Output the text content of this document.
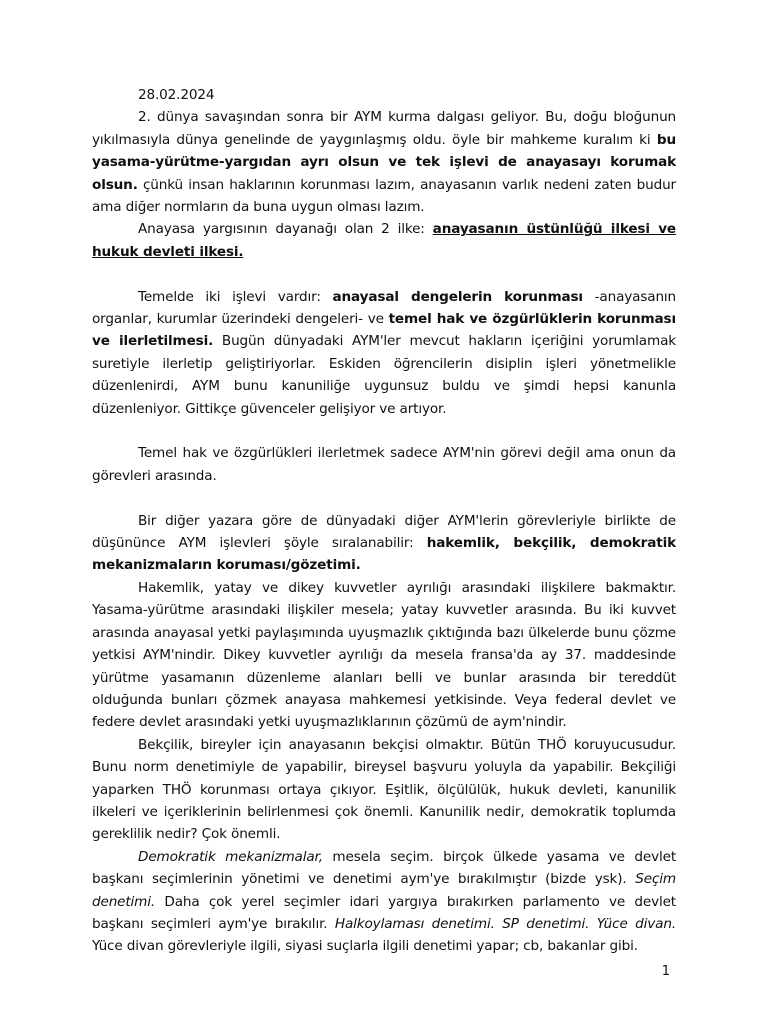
28.02.2024

2. dünya savaşından sonra bir AYM kurma dalgası geliyor. Bu, doğu bloğunun yıkılmasıyla dünya genelinde de yaygınlaşmış oldu. öyle bir mahkeme kuralım ki bu yasama-yürütme-yargıdan ayrı olsun ve tek işlevi de anayasayı korumak olsun. çünkü insan haklarının korunması lazım, anayasanın varlık nedeni zaten budur ama diğer normların da buna uygun olması lazım.

Anayasa yargısının dayanağı olan 2 ilke: anayasanın üstünlüğü ilkesi ve hukuk devleti ilkesi.

Temelde iki işlevi vardır: anayasal dengelerin korunması -anayasanın organlar, kurumlar üzerindeki dengeleri- ve temel hak ve özgürlüklerin korunması ve ilerletilmesi. Bugün dünyadaki AYM'ler mevcut hakların içeriğini yorumlamak suretiyle ilerletip geliştiriyorlar. Eskiden öğrencilerin disiplin işleri yönetmelikle düzenlenirdi, AYM bunu kanuniliğe uygunsuz buldu ve şimdi hepsi kanunla düzenleniyor. Gittikçe güvenceler gelişiyor ve artıyor.

Temel hak ve özgürlükleri ilerletmek sadece AYM'nin görevi değil ama onun da görevleri arasında.

Bir diğer yazara göre de dünyadaki diğer AYM'lerin görevleriyle birlikte de düşününce AYM işlevleri şöyle sıralanabilir: hakemlik, bekçilik, demokratik mekanizmaların koruması/gözetimi.

Hakemlik, yatay ve dikey kuvvetler ayrılığı arasındaki ilişkilere bakmaktır. Yasama-yürütme arasındaki ilişkiler mesela; yatay kuvvetler arasında. Bu iki kuvvet arasında anayasal yetki paylaşımında uyuşmazlık çıktığında bazı ülkelerde bunu çözme yetkisi AYM'nindir. Dikey kuvvetler ayrılığı da mesela fransa'da ay 37. maddesinde yürütme yasamanın düzenleme alanları belli ve bunlar arasında bir tereddüt olduğunda bunları çözmek anayasa mahkemesi yetkisinde. Veya federal devlet ve federe devlet arasındaki yetki uyuşmazlıklarının çözümü de aym'nindir.

Bekçilik, bireyler için anayasanın bekçisi olmaktır. Bütün THÖ koruyucusudur. Bunu norm denetimiyle de yapabilir, bireysel başvuru yoluyla da yapabilir. Bekçiliği yaparken THÖ korunması ortaya çıkıyor. Eşitlik, ölçülülük, hukuk devleti, kanunilik ilkeleri ve içeriklerinin belirlenmesi çok önemli. Kanunilik nedir, demokratik toplumda gereklilik nedir? Çok önemli.

Demokratik mekanizmalar, mesela seçim. birçok ülkede yasama ve devlet başkanı seçimlerinin yönetimi ve denetimi aym'ye bırakılmıştır (bizde ysk). Seçim denetimi. Daha çok yerel seçimler idari yargıya bırakırken parlamento ve devlet başkanı seçimleri aym'ye bırakılır. Halkoylaması denetimi. SP denetimi. Yüce divan. Yüce divan görevleriyle ilgili, siyasi suçlarla ilgili denetimi yapar; cb, bakanlar gibi.

1
